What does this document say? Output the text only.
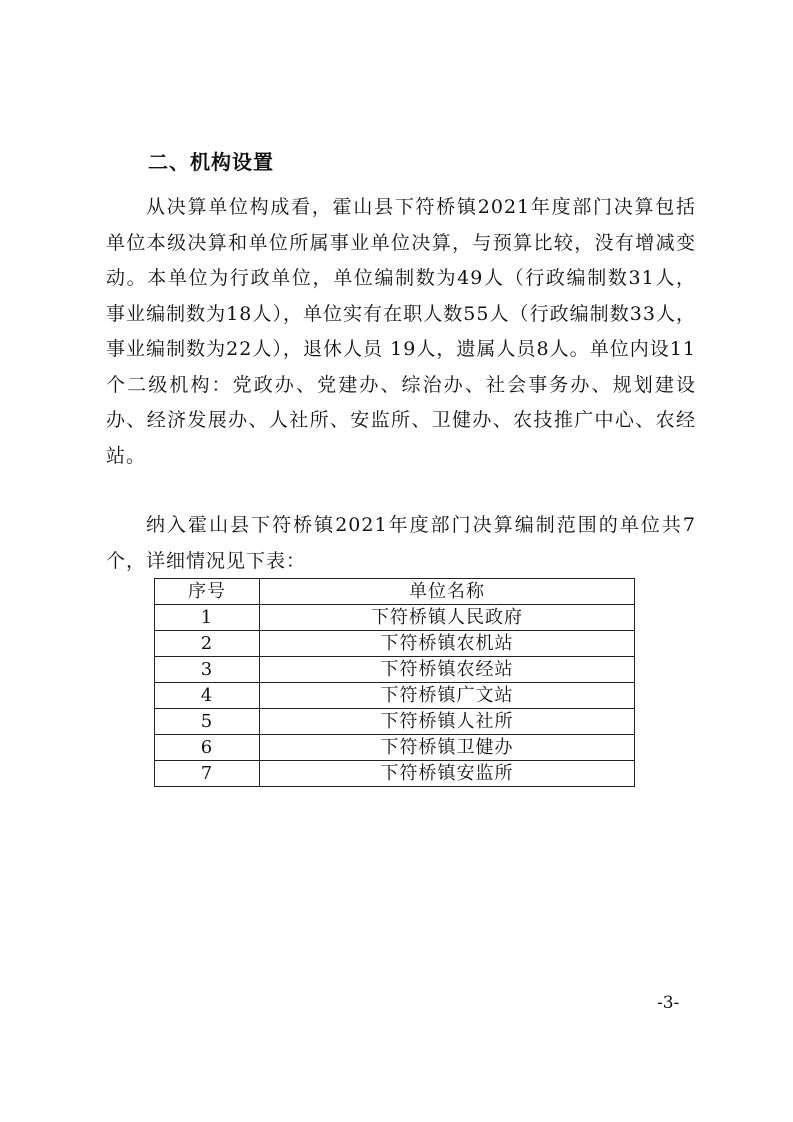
二、机构设置

从决算单位构成看，霍山县下符桥镇2021年度部门决算包括单位本级决算和单位所属事业单位决算，与预算比较，没有增减变动。本单位为行政单位，单位编制数为49人（行政编制数31人，事业编制数为18人），单位实有在职人数55人（行政编制数33人，事业编制数为22人），退休人员 19人，遗属人员8人。单位内设11个二级机构：党政办、党建办、综治办、社会事务办、规划建设办、经济发展办、人社所、安监所、卫健办、农技推广中心、农经站。

纳入霍山县下符桥镇2021年度部门决算编制范围的单位共7个，详细情况见下表：

序号	单位名称
1	下符桥镇人民政府
2	下符桥镇农机站
3	下符桥镇农经站
4	下符桥镇广文站
5	下符桥镇人社所
6	下符桥镇卫健办
7	下符桥镇安监所
-3-
